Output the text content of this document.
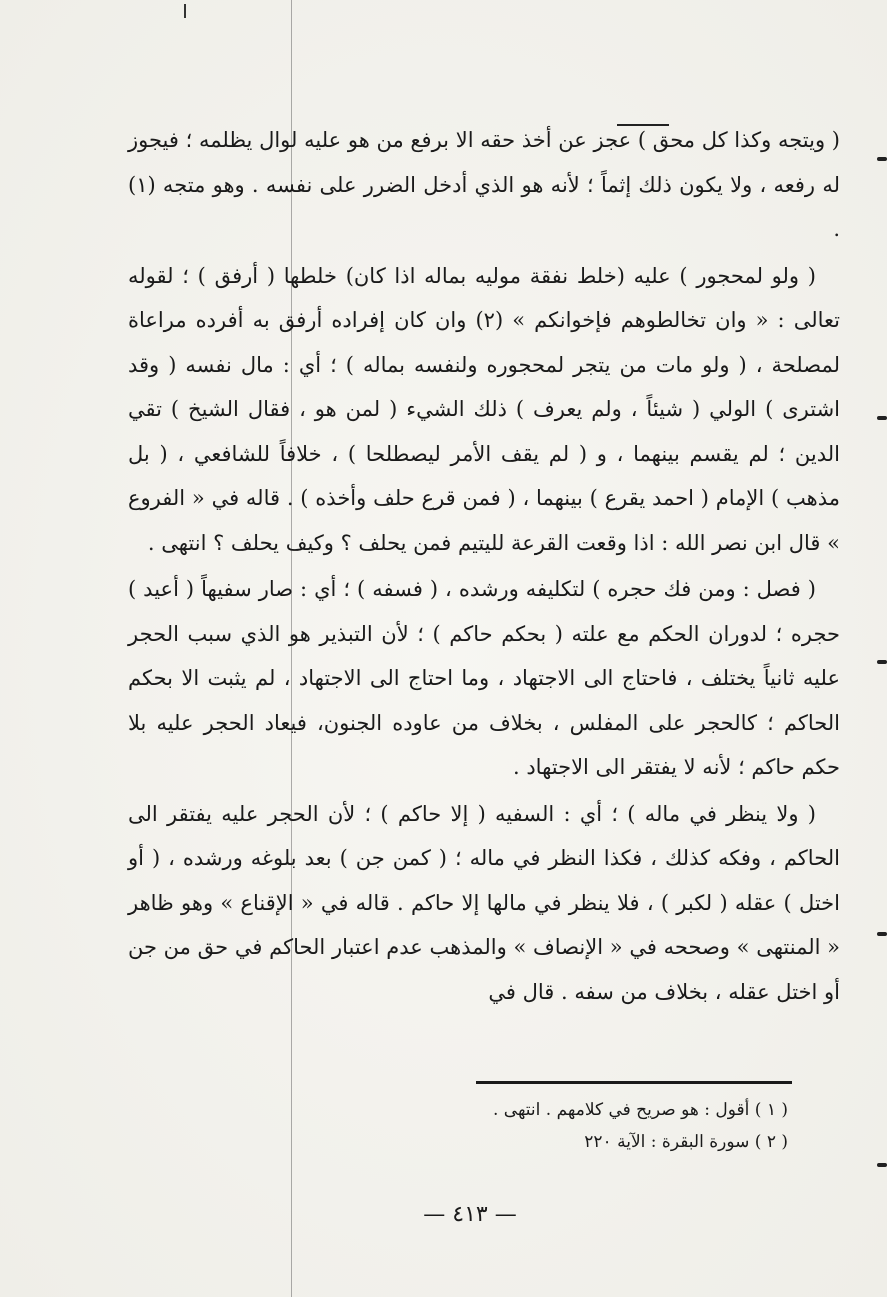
( ويتجه وكذا كل محق ) عجز عن أخذ حقه الا برفع من هو عليه لوال يظلمه ؛ فيجوز له رفعه ، ولا يكون ذلك إثماً ؛ لأنه هو الذي أدخل الضرر على نفسه . وهو متجه (١) .

( ولو لمحجور ) عليه (خلط نفقة موليه بماله اذا كان) خلطها ( أرفق ) ؛ لقوله تعالى : « وان تخالطوهم فإخوانكم » (٢) وان كان إفراده أرفق به أفرده مراعاة لمصلحة ، ( ولو مات من يتجر لمحجوره ولنفسه بماله ) ؛ أي : مال نفسه ( وقد اشترى ) الولي ( شيئاً ، ولم يعرف ) ذلك الشيء ( لمن هو ، فقال الشيخ ) تقي الدين ؛ لم يقسم بينهما ، و ( لم يقف الأمر ليصطلحا ) ، خلافاً للشافعي ، ( بل مذهب ) الإمام ( احمد يقرع ) بينهما ، ( فمن قرع حلف وأخذه ) . قاله في « الفروع » قال ابن نصر الله : اذا وقعت القرعة لليتيم فمن يحلف ؟ وكيف يحلف ؟ انتهى .

( فصل : ومن فك حجره ) لتكليفه ورشده ، ( فسفه ) ؛ أي : صار سفيهاً ( أعيد ) حجره ؛ لدوران الحكم مع علته ( بحكم حاكم ) ؛ لأن التبذير هو الذي سبب الحجر عليه ثانياً يختلف ، فاحتاج الى الاجتهاد ، وما احتاج الى الاجتهاد ، لم يثبت الا بحكم الحاكم ؛ كالحجر على المفلس ، بخلاف من عاوده الجنون، فيعاد الحجر عليه بلا حكم حاكم ؛ لأنه لا يفتقر الى الاجتهاد .

( ولا ينظر في ماله ) ؛ أي : السفيه ( إلا حاكم ) ؛ لأن الحجر عليه يفتقر الى الحاكم ، وفكه كذلك ، فكذا النظر في ماله ؛ ( كمن جن ) بعد بلوغه ورشده ، ( أو اختل ) عقله ( لكبر ) ، فلا ينظر في مالها إلا حاكم . قاله في « الإقناع » وهو ظاهر « المنتهى » وصححه في « الإنصاف » والمذهب عدم اعتبار الحاكم في حق من جن أو اختل عقله ، بخلاف من سفه . قال في

( ١ ) أقول : هو صريح في كلامهم . انتهى .

( ٢ ) سورة البقرة : الآية ٢٢٠

— ٤١٣ —
